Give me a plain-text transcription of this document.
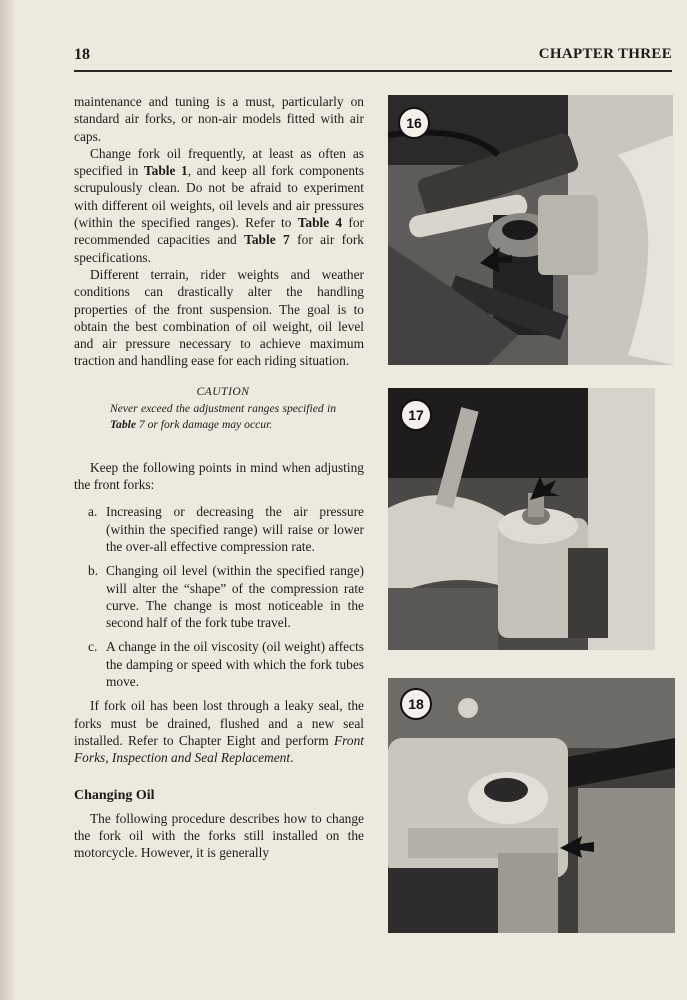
18	CHAPTER THREE

maintenance and tuning is a must, particularly on standard air forks, or non-air models fitted with air caps.

Change fork oil frequently, at least as often as specified in Table 1, and keep all fork components scrupulously clean. Do not be afraid to experiment with different oil weights, oil levels and air pressures (within the specified ranges). Refer to Table 4 for recommended capacities and Table 7 for air fork specifications.

Different terrain, rider weights and weather conditions can drastically alter the handling properties of the front suspension. The goal is to obtain the best combination of oil weight, oil level and air pressure necessary to achieve maximum traction and handling ease for each riding situation.

CAUTION
Never exceed the adjustment ranges specified in Table 7 or fork damage may occur.

Keep the following points in mind when adjusting the front forks:

a. Increasing or decreasing the air pressure (within the specified range) will raise or lower the over-all effective compression rate.
b. Changing oil level (within the specified range) will alter the “shape” of the compression rate curve. The change is most noticeable in the second half of the fork tube travel.
c. A change in the oil viscosity (oil weight) affects the damping or speed with which the fork tubes move.

If fork oil has been lost through a leaky seal, the forks must be drained, flushed and a new seal installed. Refer to Chapter Eight and perform Front Forks, Inspection and Seal Replacement.

Changing Oil

The following procedure describes how to change the fork oil with the forks still installed on the motorcycle. However, it is generally

16
17
18
